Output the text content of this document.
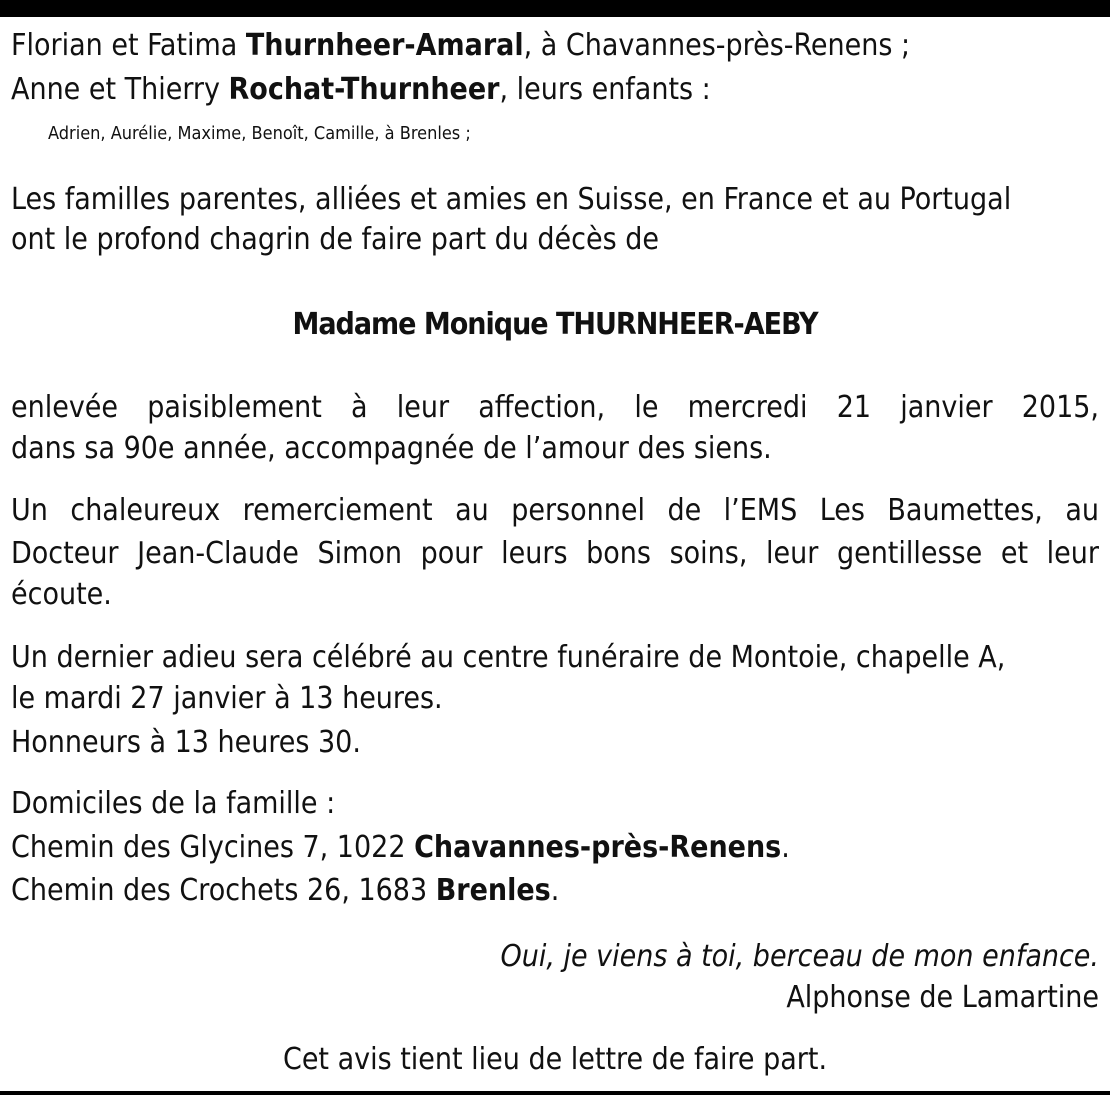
Florian et Fatima Thurnheer-Amaral, à Chavannes-près-Renens ;
Anne et Thierry Rochat-Thurnheer, leurs enfants :
Adrien, Aurélie, Maxime, Benoît, Camille, à Brenles ;
Les familles parentes, alliées et amies en Suisse, en France et au Portugal
ont le profond chagrin de faire part du décès de
Madame Monique THURNHEER-AEBY
enlevée paisiblement à leur affection, le mercredi 21 janvier 2015,
dans sa 90e année, accompagnée de l’amour des siens.
Un chaleureux remerciement au personnel de l’EMS Les Baumettes, au
Docteur Jean-Claude Simon pour leurs bons soins, leur gentillesse et leur
écoute.
Un dernier adieu sera célébré au centre funéraire de Montoie, chapelle A,
le mardi 27 janvier à 13 heures.
Honneurs à 13 heures 30.
Domiciles de la famille :
Chemin des Glycines 7, 1022 Chavannes-près-Renens.
Chemin des Crochets 26, 1683 Brenles.
Oui, je viens à toi, berceau de mon enfance.
Alphonse de Lamartine
Cet avis tient lieu de lettre de faire part.
